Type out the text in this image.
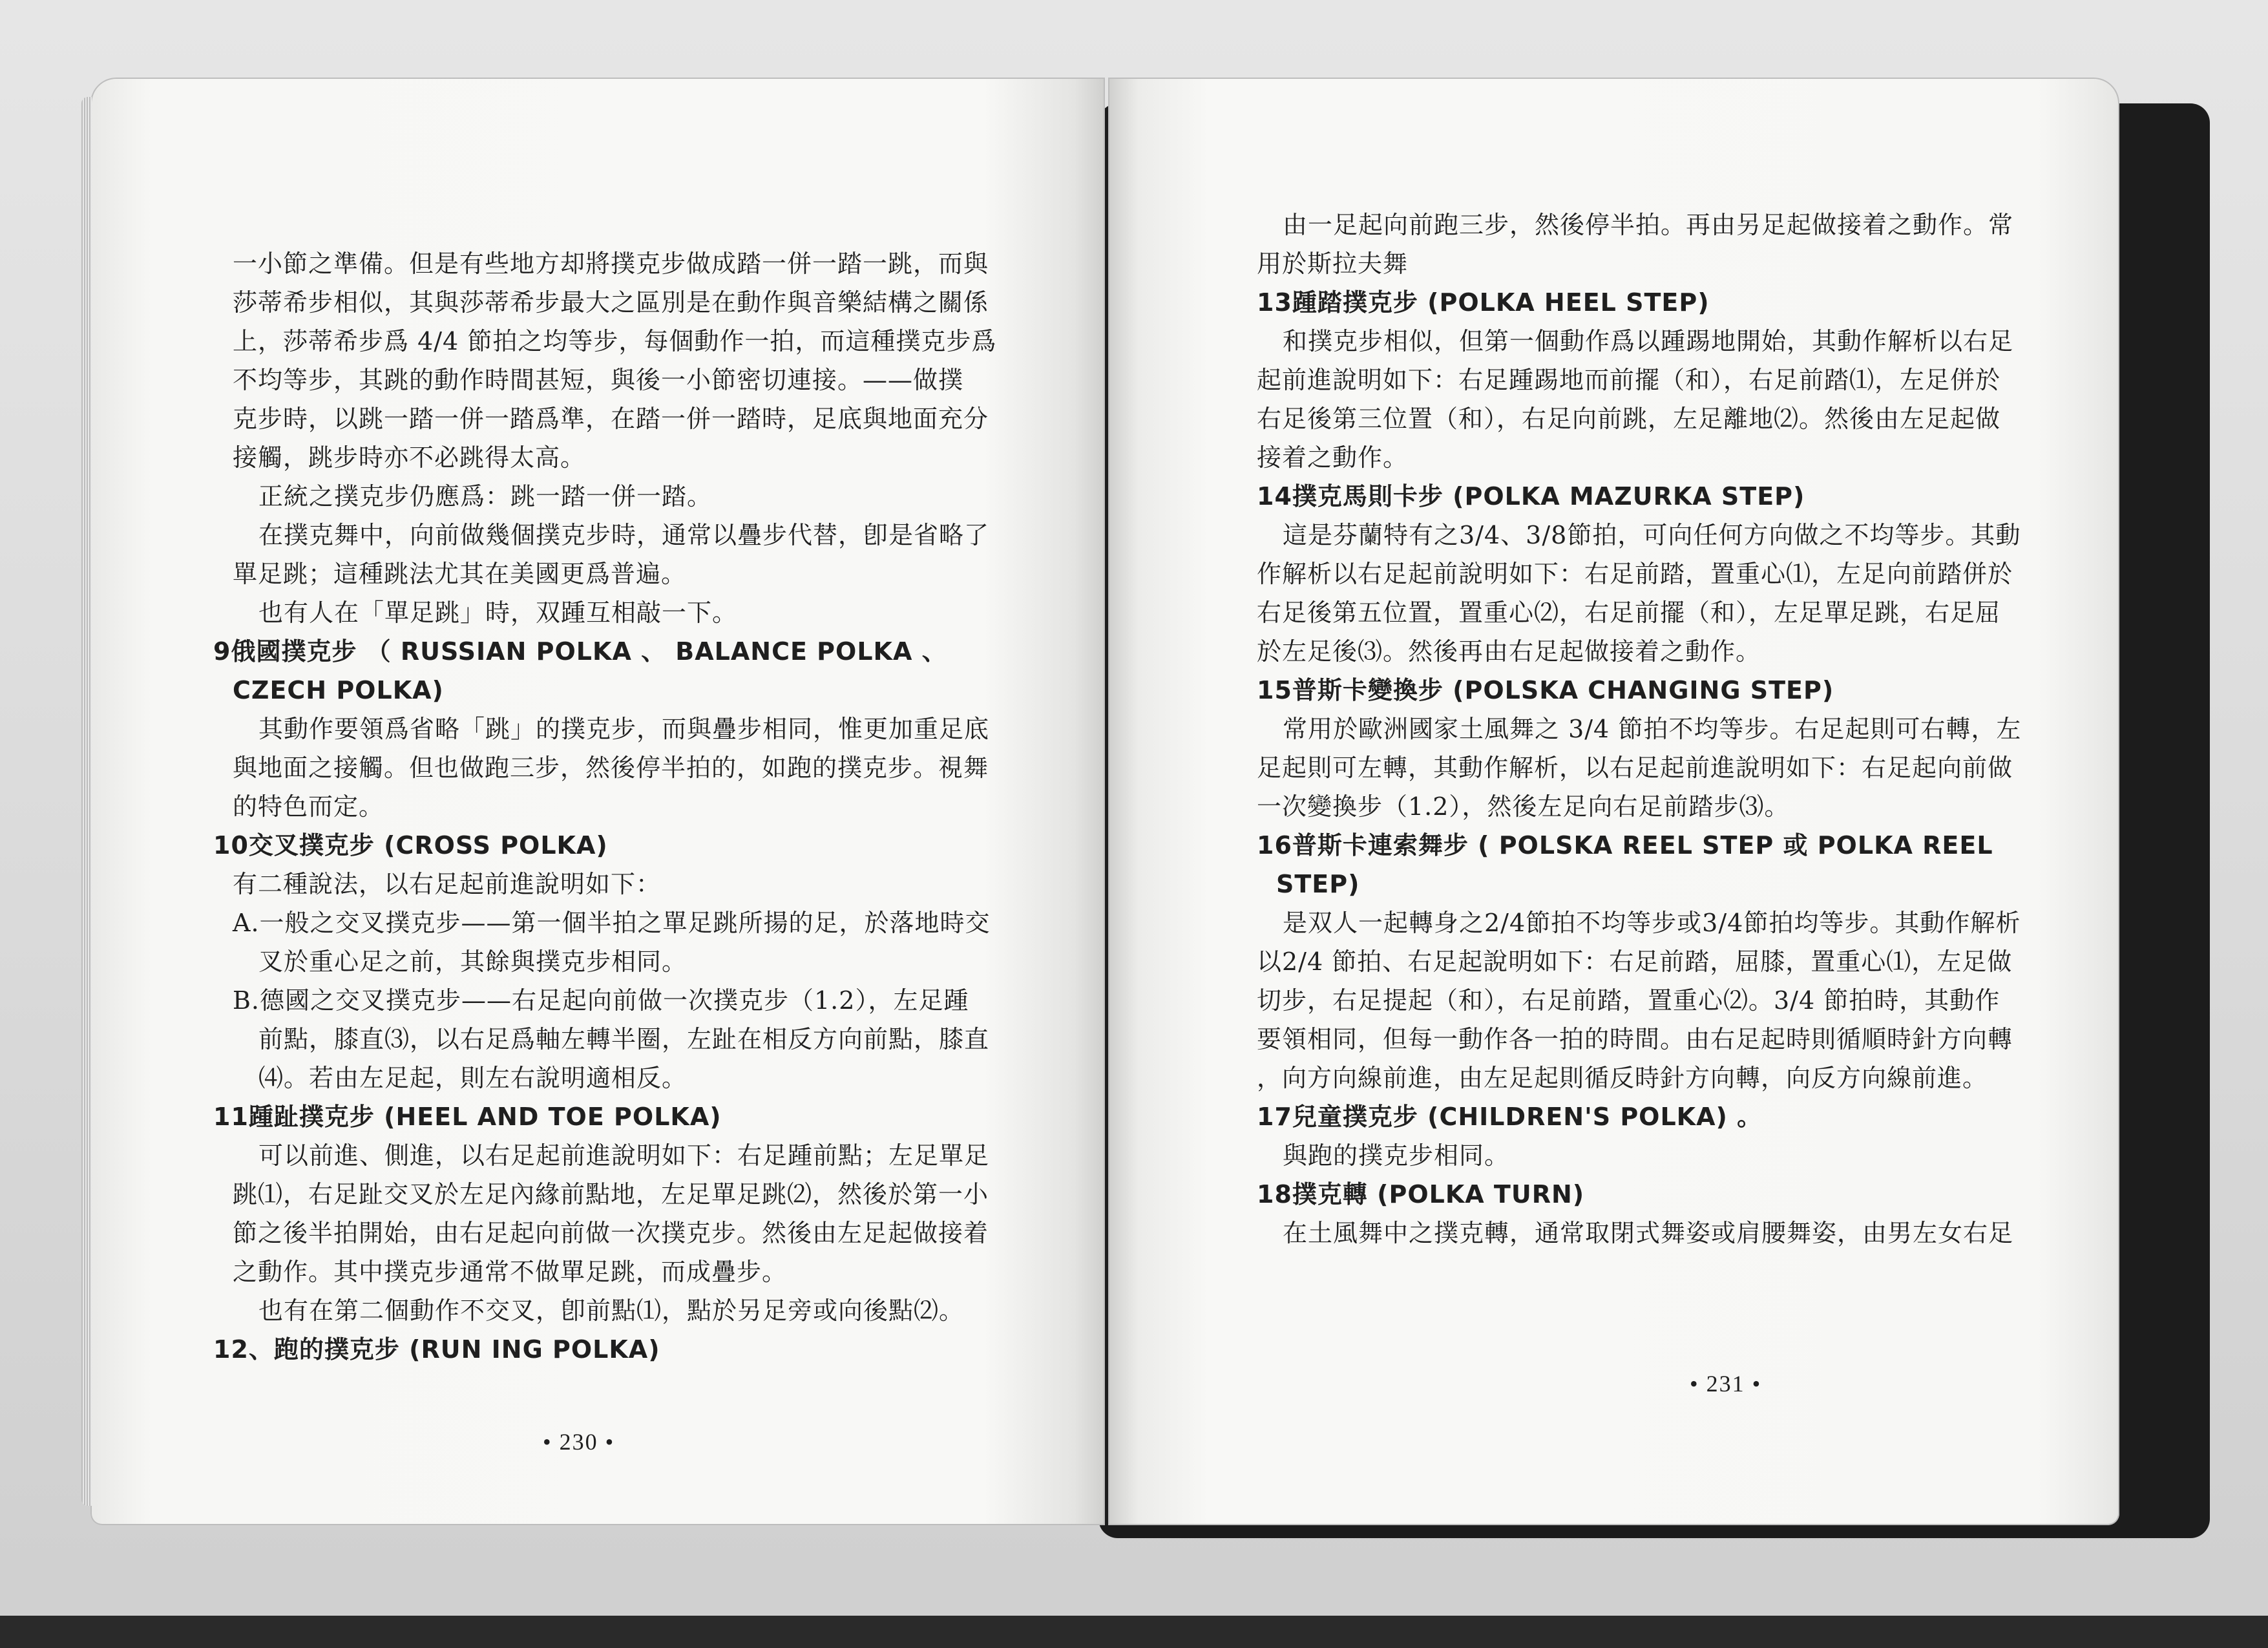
一小節之準備。但是有些地方却將撲克步做成踏一併一踏一跳，而與
莎蒂希步相似，其與莎蒂希步最大之區別是在動作與音樂結構之關係
上，莎蒂希步爲 4/4 節拍之均等步，每個動作一拍，而這種撲克步爲
不均等步，其跳的動作時間甚短，與後一小節密切連接。——做撲
克步時，以跳一踏一併一踏爲準，在踏一併一踏時，足底與地面充分
接觸，跳步時亦不必跳得太高。
正統之撲克步仍應爲：跳一踏一併一踏。
在撲克舞中，向前做幾個撲克步時，通常以疊步代替，卽是省略了
單足跳；這種跳法尤其在美國更爲普遍。
也有人在「單足跳」時，双踵互相敲一下。
9俄國撲克步 （ RUSSIAN POLKA 、 BALANCE POLKA 、
CZECH POLKA)
其動作要領爲省略「跳」的撲克步，而與疊步相同，惟更加重足底
與地面之接觸。但也做跑三步，然後停半拍的，如跑的撲克步。視舞
的特色而定。
10交叉撲克步 (CROSS POLKA)
有二種說法，以右足起前進說明如下：
A.一般之交叉撲克步——第一個半拍之單足跳所揚的足，於落地時交
叉於重心足之前，其餘與撲克步相同。
B.德國之交叉撲克步——右足起向前做一次撲克步（1.2），左足踵
前點，膝直⑶，以右足爲軸左轉半圈，左趾在相反方向前點，膝直
⑷。若由左足起，則左右說明適相反。
11踵趾撲克步 (HEEL AND TOE POLKA)
可以前進、側進，以右足起前進說明如下：右足踵前點；左足單足
跳⑴，右足趾交叉於左足內緣前點地，左足單足跳⑵，然後於第一小
節之後半拍開始，由右足起向前做一次撲克步。然後由左足起做接着
之動作。其中撲克步通常不做單足跳，而成疊步。
也有在第二個動作不交叉，卽前點⑴，點於另足旁或向後點⑵。
12、跑的撲克步 (RUN ING POLKA)
• 230 •
由一足起向前跑三步，然後停半拍。再由另足起做接着之動作。常
用於斯拉夫舞
13踵踏撲克步 (POLKA HEEL STEP)
和撲克步相似，但第一個動作爲以踵踢地開始，其動作解析以右足
起前進說明如下：右足踵踢地而前擺（和），右足前踏⑴，左足併於
右足後第三位置（和），右足向前跳，左足離地⑵。然後由左足起做
接着之動作。
14撲克馬則卡步 (POLKA MAZURKA STEP)
這是芬蘭特有之3/4、3/8節拍，可向任何方向做之不均等步。其動
作解析以右足起前說明如下：右足前踏，置重心⑴，左足向前踏併於
右足後第五位置，置重心⑵，右足前擺（和），左足單足跳，右足屈
於左足後⑶。然後再由右足起做接着之動作。
15普斯卡變換步 (POLSKA CHANGING STEP)
常用於歐洲國家土風舞之 3/4 節拍不均等步。右足起則可右轉，左
足起則可左轉，其動作解析，以右足起前進說明如下：右足起向前做
一次變換步（1.2），然後左足向右足前踏步⑶。
16普斯卡連索舞步 ( POLSKA REEL STEP 或 POLKA REEL
STEP)
是双人一起轉身之2/4節拍不均等步或3/4節拍均等步。其動作解析
以2/4 節拍、右足起說明如下：右足前踏，屈膝，置重心⑴，左足做
切步，右足提起（和），右足前踏，置重心⑵。3/4 節拍時，其動作
要領相同，但每一動作各一拍的時間。由右足起時則循順時針方向轉
，向方向線前進，由左足起則循反時針方向轉，向反方向線前進。
17兒童撲克步 (CHILDREN'S POLKA) 。
與跑的撲克步相同。
18撲克轉 (POLKA TURN)
在土風舞中之撲克轉，通常取閉式舞姿或肩腰舞姿，由男左女右足
• 231 •
